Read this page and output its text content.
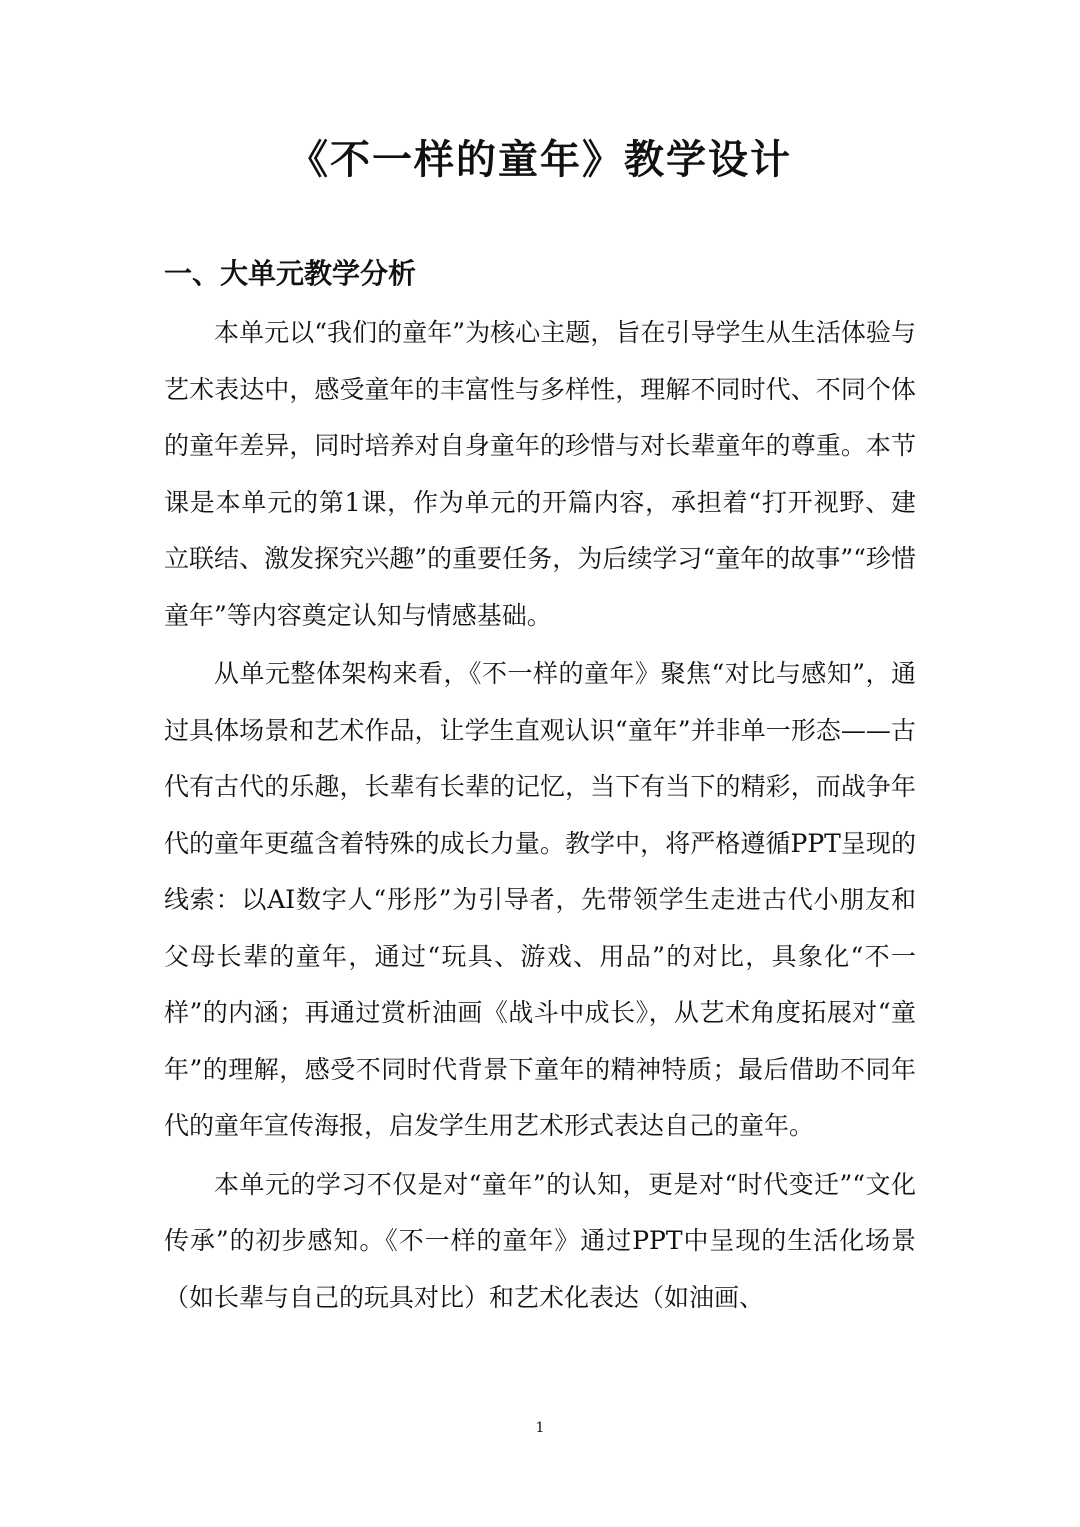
《不一样的童年》教学设计
一、大单元教学分析

本单元以“我们的童年”为核心主题，旨在引导学生从生活体验与艺术表达中，感受童年的丰富性与多样性，理解不同时代、不同个体的童年差异，同时培养对自身童年的珍惜与对长辈童年的尊重。本节课是本单元的第1课，作为单元的开篇内容，承担着“打开视野、建立联结、激发探究兴趣”的重要任务，为后续学习“童年的故事”“珍惜童年”等内容奠定认知与情感基础。

从单元整体架构来看，《不一样的童年》聚焦“对比与感知”，通过具体场景和艺术作品，让学生直观认识“童年”并非单一形态——古代有古代的乐趣，长辈有长辈的记忆，当下有当下的精彩，而战争年代的童年更蕴含着特殊的成长力量。教学中，将严格遵循PPT呈现的线索：以AI数字人“彤彤”为引导者，先带领学生走进古代小朋友和父母长辈的童年，通过“玩具、游戏、用品”的对比，具象化“不一样”的内涵；再通过赏析油画《战斗中成长》，从艺术角度拓展对“童年”的理解，感受不同时代背景下童年的精神特质；最后借助不同年代的童年宣传海报，启发学生用艺术形式表达自己的童年。

本单元的学习不仅是对“童年”的认知，更是对“时代变迁”“文化传承”的初步感知。《不一样的童年》通过PPT中呈现的生活化场景（如长辈与自己的玩具对比）和艺术化表达（如油画、

1
